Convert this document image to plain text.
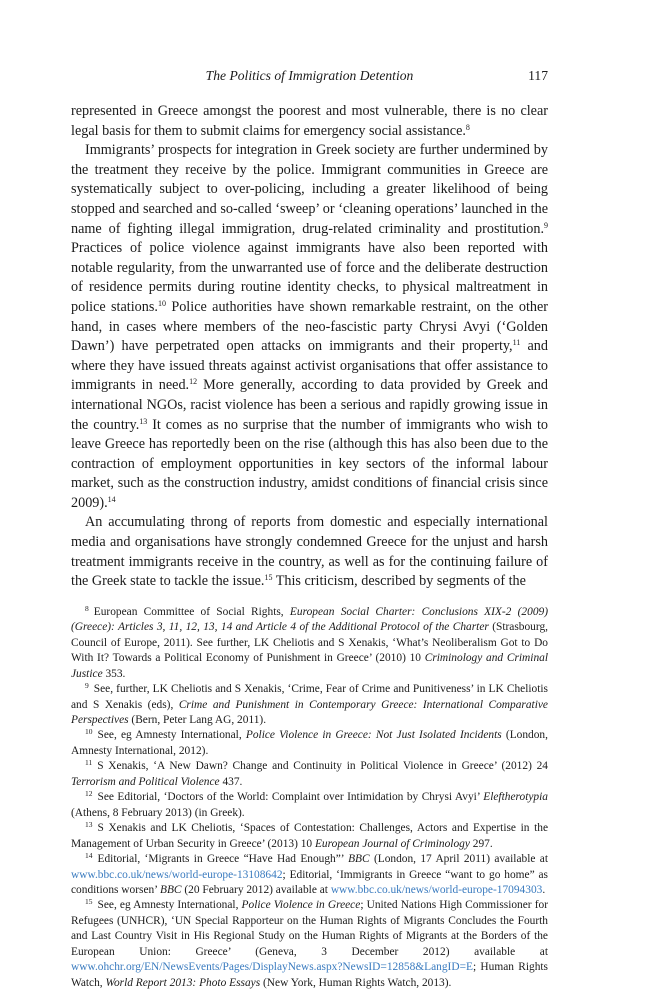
The Politics of Immigration Detention	117

represented in Greece amongst the poorest and most vulnerable, there is no clear legal basis for them to submit claims for emergency social assistance.$^8$

Immigrants’ prospects for integration in Greek society are further undermined by the treatment they receive by the police. Immigrant communities in Greece are systematically subject to over-policing, including a greater likelihood of being stopped and searched and so-called ‘sweep’ or ‘cleaning operations’ launched in the name of fighting illegal immigration, drug-related criminality and prostitution.$^9$ Practices of police violence against immigrants have also been reported with notable regularity, from the unwarranted use of force and the deliberate destruction of residence permits during routine identity checks, to physical maltreatment in police stations.$^{10}$ Police authorities have shown remarkable restraint, on the other hand, in cases where members of the neo-fascistic party Chrysi Avyi (‘Golden Dawn’) have perpetrated open attacks on immigrants and their property,$^{11}$ and where they have issued threats against activist organisations that offer assistance to immigrants in need.$^{12}$ More generally, according to data provided by Greek and international NGOs, racist violence has been a serious and rapidly growing issue in the country.$^{13}$ It comes as no surprise that the number of immigrants who wish to leave Greece has reportedly been on the rise (although this has also been due to the contraction of employment opportunities in key sectors of the informal labour market, such as the construction industry, amidst conditions of financial crisis since 2009).$^{14}$

An accumulating throng of reports from domestic and especially international media and organisations have strongly condemned Greece for the unjust and harsh treatment immigrants receive in the country, as well as for the continuing failure of the Greek state to tackle the issue.$^{15}$ This criticism, described by segments of the

$^8$ European Committee of Social Rights, European Social Charter: Conclusions XIX-2 (2009) (Greece): Articles 3, 11, 12, 13, 14 and Article 4 of the Additional Protocol of the Charter (Strasbourg, Council of Europe, 2011). See further, LK Cheliotis and S Xenakis, ‘What’s Neoliberalism Got to Do With It? Towards a Political Economy of Punishment in Greece’ (2010) 10 Criminology and Criminal Justice 353.

$^9$ See, further, LK Cheliotis and S Xenakis, ‘Crime, Fear of Crime and Punitiveness’ in LK Cheliotis and S Xenakis (eds), Crime and Punishment in Contemporary Greece: International Comparative Perspectives (Bern, Peter Lang AG, 2011).

$^{10}$ See, eg Amnesty International, Police Violence in Greece: Not Just Isolated Incidents (London, Amnesty International, 2012).

$^{11}$ S Xenakis, ‘A New Dawn? Change and Continuity in Political Violence in Greece’ (2012) 24 Terrorism and Political Violence 437.

$^{12}$ See Editorial, ‘Doctors of the World: Complaint over Intimidation by Chrysi Avyi’ Eleftherotypia (Athens, 8 February 2013) (in Greek).

$^{13}$ S Xenakis and LK Cheliotis, ‘Spaces of Contestation: Challenges, Actors and Expertise in the Management of Urban Security in Greece’ (2013) 10 European Journal of Criminology 297.

$^{14}$ Editorial, ‘Migrants in Greece “Have Had Enough”’ BBC (London, 17 April 2011) available at www.bbc.co.uk/news/world-europe-13108642; Editorial, ‘Immigrants in Greece “want to go home” as conditions worsen’ BBC (20 February 2012) available at www.bbc.co.uk/news/world-europe-17094303.

$^{15}$ See, eg Amnesty International, Police Violence in Greece; United Nations High Commissioner for Refugees (UNHCR), ‘UN Special Rapporteur on the Human Rights of Migrants Concludes the Fourth and Last Country Visit in His Regional Study on the Human Rights of Migrants at the Borders of the European Union: Greece’ (Geneva, 3 December 2012) available at www.ohchr.org/EN/NewsEvents/Pages/DisplayNews.aspx?NewsID=12858&LangID=E; Human Rights Watch, World Report 2013: Photo Essays (New York, Human Rights Watch, 2013).
